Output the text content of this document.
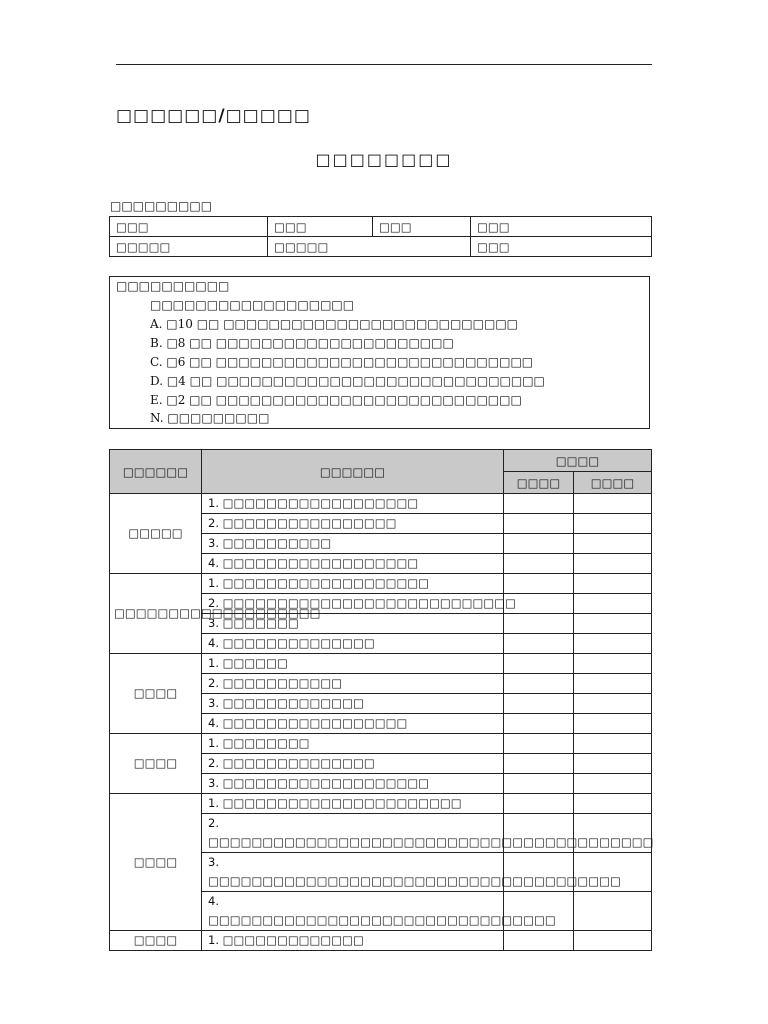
□□□□□□/□□□□□
□□□□□□□□
□□□□□□□□□
□□□	□□□	□□□	□□□
□□□□□	□□□□□		□□□
□□□□□□□□□□
□□□□□□□□□□□□□□□□□□
A. □10 □□ □□□□□□□□□□□□□□□□□□□□□□□□□□
B. □8 □□ □□□□□□□□□□□□□□□□□□□□□
C. □6 □□ □□□□□□□□□□□□□□□□□□□□□□□□□□□□
D. □4 □□ □□□□□□□□□□□□□□□□□□□□□□□□□□□□□
E. □2 □□ □□□□□□□□□□□□□□□□□□□□□□□□□□□
N. □□□□□□□□□
□□□□□□	□□□□□□	□□□□	
		□□□□	□□□□
□□□□□	1. □□□□□□□□□□□□□□□□□□		
	2. □□□□□□□□□□□□□□□□		
	3. □□□□□□□□□□		
	4. □□□□□□□□□□□□□□□□□□		
□□□□□□□□□□□□□□□□□□□	1. □□□□□□□□□□□□□□□□□□□		
	2. □□□□□□□□□□□□□□□□□□□□□□□□□□□		
	3. □□□□□□□		
	4. □□□□□□□□□□□□□□		
□□□□	1. □□□□□□		
	2. □□□□□□□□□□□		
	3. □□□□□□□□□□□□□		
	4. □□□□□□□□□□□□□□□□□		
□□□□	1. □□□□□□□□		
	2. □□□□□□□□□□□□□□		
	3. □□□□□□□□□□□□□□□□□□□		
□□□□	1. □□□□□□□□□□□□□□□□□□□□□□		
	2. □□□□□□□□□□□□□□□□□□□□□□□□□□□□□□□□□□□□□□□□□		
	3. □□□□□□□□□□□□□□□□□□□□□□□□□□□□□□□□□□□□□□		
	4. □□□□□□□□□□□□□□□□□□□□□□□□□□□□□□□□		
□□□□	1. □□□□□□□□□□□□□		
